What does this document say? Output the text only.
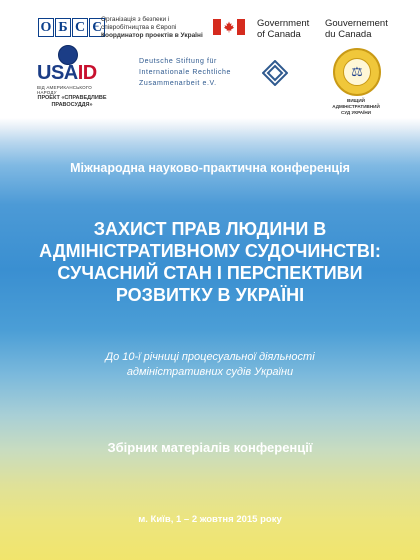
О Б С Є
Організація з безпеки і
співробітництва в Європі
Координатор проектів в Україні
Government
of Canada
Gouvernement
du Canada
USAID
ВІД АМЕРИКАНСЬКОГО НАРОДУ
ПРОЕКТ «СПРАВЕДЛИВЕ
ПРАВОСУДДЯ»
Deutsche Stiftung für
Internationale Rechtliche
Zusammenarbeit e.V.
⚖
ВИЩИЙ АДМІНІСТРАТИВНИЙ
СУД УКРАЇНИ
Міжнародна науково-практична конференція
ЗАХИСТ ПРАВ ЛЮДИНИ В
АДМІНІСТРАТИВНОМУ СУДОЧИНСТВІ:
СУЧАСНИЙ СТАН І ПЕРСПЕКТИВИ
РОЗВИТКУ В УКРАЇНІ
До 10-ї річниці процесуальної діяльності
адміністративних судів України
Збірник матеріалів конференції
м. Київ, 1 – 2 жовтня 2015 року
